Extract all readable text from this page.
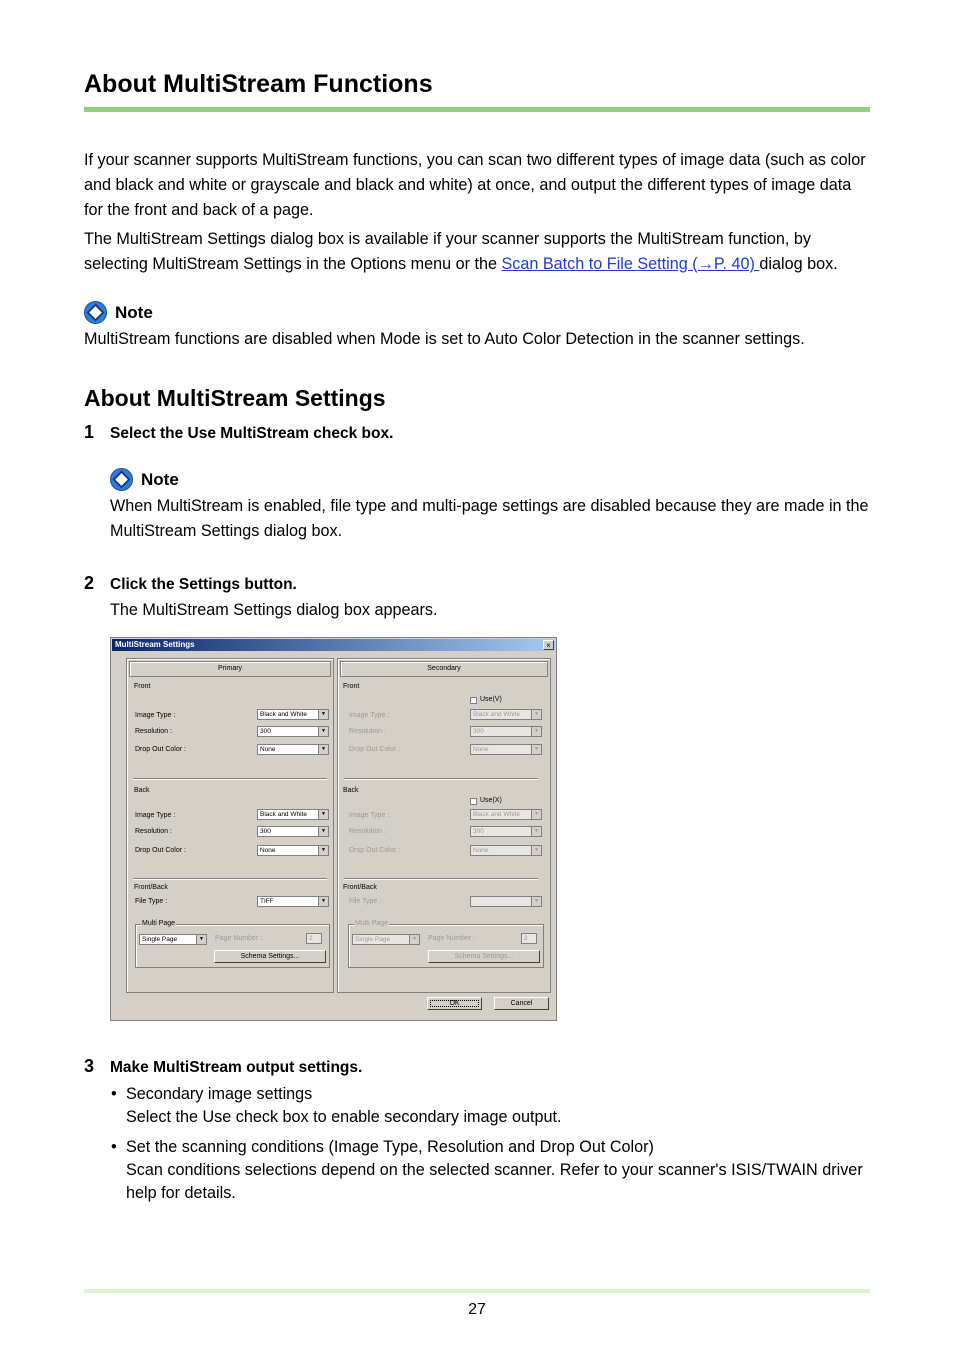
About MultiStream Functions
If your scanner supports MultiStream functions, you can scan two different types of image data (such as color and black and white or grayscale and black and white) at once, and output the different types of image data for the front and back of a page.
The MultiStream Settings dialog box is available if your scanner supports the MultiStream function, by selecting MultiStream Settings in the Options menu or the Scan Batch to File Setting (→P. 40) dialog box.
Note
MultiStream functions are disabled when Mode is set to Auto Color Detection in the scanner settings.
About MultiStream Settings
1 Select the Use MultiStream check box.
Note
When MultiStream is enabled, file type and multi-page settings are disabled because they are made in the MultiStream Settings dialog box.
2 Click the Settings button.
The MultiStream Settings dialog box appears.
MultiStream Settings	×
Primary
Front
Image Type :	Black and White	▼
Resolution :	300	▼
Drop Out Color :	None	▼
Back
Image Type :	Black and White	▼
Resolution :	300	▼
Drop Out Color :	None	▼
Front/Back
File Type :	TIFF	▼
Multi Page
Single Page	▼ Page Number :	2
Schema Settings...
Secondary
Front
Use(V)
Image Type :	Black and White	▼
Resolution :	300	▼
Drop Out Color :	None	▼
Back
Use(X)
Image Type :	Black and White	▼
Resolution :	300	▼
Drop Out Color :	None	▼
Front/Back
File Type :	▼
Multi Page
Single Page	▼ Page Number :	2
Schema Settings...
OK	Cancel
3 Make MultiStream output settings.
• Secondary image settings
Select the Use check box to enable secondary image output.
• Set the scanning conditions (Image Type, Resolution and Drop Out Color)
Scan conditions selections depend on the selected scanner. Refer to your scanner's ISIS/TWAIN driver help for details.
27
